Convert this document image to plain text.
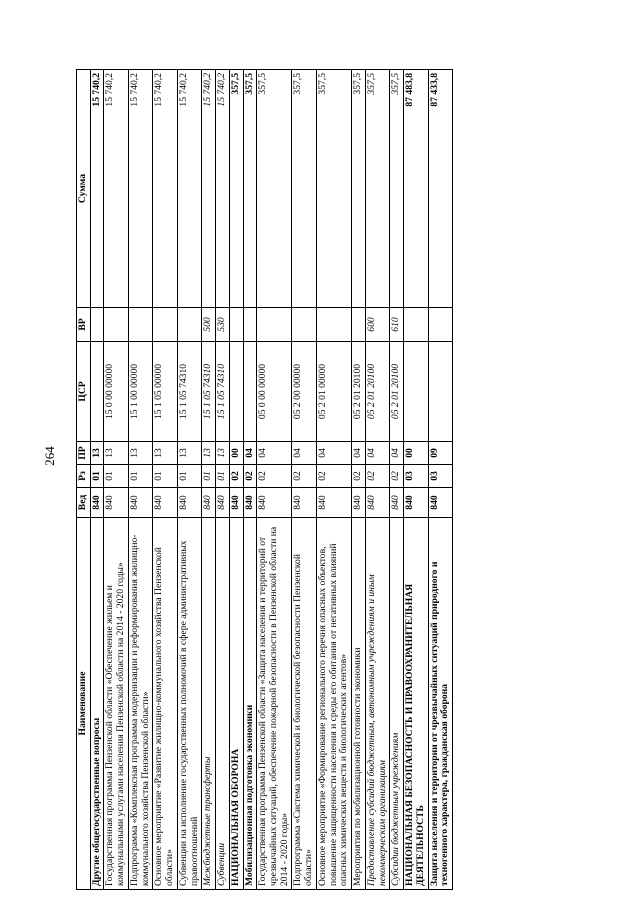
264
Наименование	Вед	Рз	ПР	ЦСР	ВР	Сумма
Другие общегосударственные вопросы	840	01	13			15 740,2
Государственная программа Пензенской области «Обеспечение жильем и коммунальными услугами населения Пензенской области на 2014 - 2020 годы»	840	01	13	15 0 00 00000		15 740,2
Подпрограмма «Комплексная программа модернизации и реформирования жилищно-коммунального хозяйства Пензенской области»	840	01	13	15 1 00 00000		15 740,2
Основное мероприятие «Развитие жилищно-коммунального хозяйства Пензенской области»	840	01	13	15 1 05 00000		15 740,2
Субвенции на исполнение государственных полномочий в сфере административных правоотношений	840	01	13	15 1 05 74310		15 740,2
Межбюджетные трансферты	840	01	13	15 1 05 74310	500	15 740,2
Субвенции	840	01	13	15 1 05 74310	530	15 740,2
НАЦИОНАЛЬНАЯ ОБОРОНА	840	02	00			357,5
Мобилизационная подготовка экономики	840	02	04			357,5
Государственная программа Пензенской области «Защита населения и территорий от чрезвычайных ситуаций, обеспечение пожарной безопасности в Пензенской области на 2014 - 2020 годы»	840	02	04	05 0 00 00000		357,5
Подпрограмма «Система химической и биологической безопасности Пензенской области»	840	02	04	05 2 00 00000		357,5
Основное мероприятие «Формирование регионального перечня опасных объектов, повышение защищенности населения и среды его обитания от негативных влияний опасных химических веществ и биологических агентов»	840	02	04	05 2 01 00000		357,5
Мероприятия по мобилизационной готовности экономики	840	02	04	05 2 01 20100		357,5
Предоставление субсидий бюджетным, автономным учреждениям и иным некоммерческим организациям	840	02	04	05 2 01 20100	600	357,5
Субсидии бюджетным учреждениям	840	02	04	05 2 01 20100	610	357,5
НАЦИОНАЛЬНАЯ БЕЗОПАСНОСТЬ И ПРАВООХРАНИТЕЛЬНАЯ ДЕЯТЕЛЬНОСТЬ	840	03	00			87 483,8
Защита населения и территории от чрезвычайных ситуаций природного и техногенного характера, гражданская оборона	840	03	09			87 433,8
